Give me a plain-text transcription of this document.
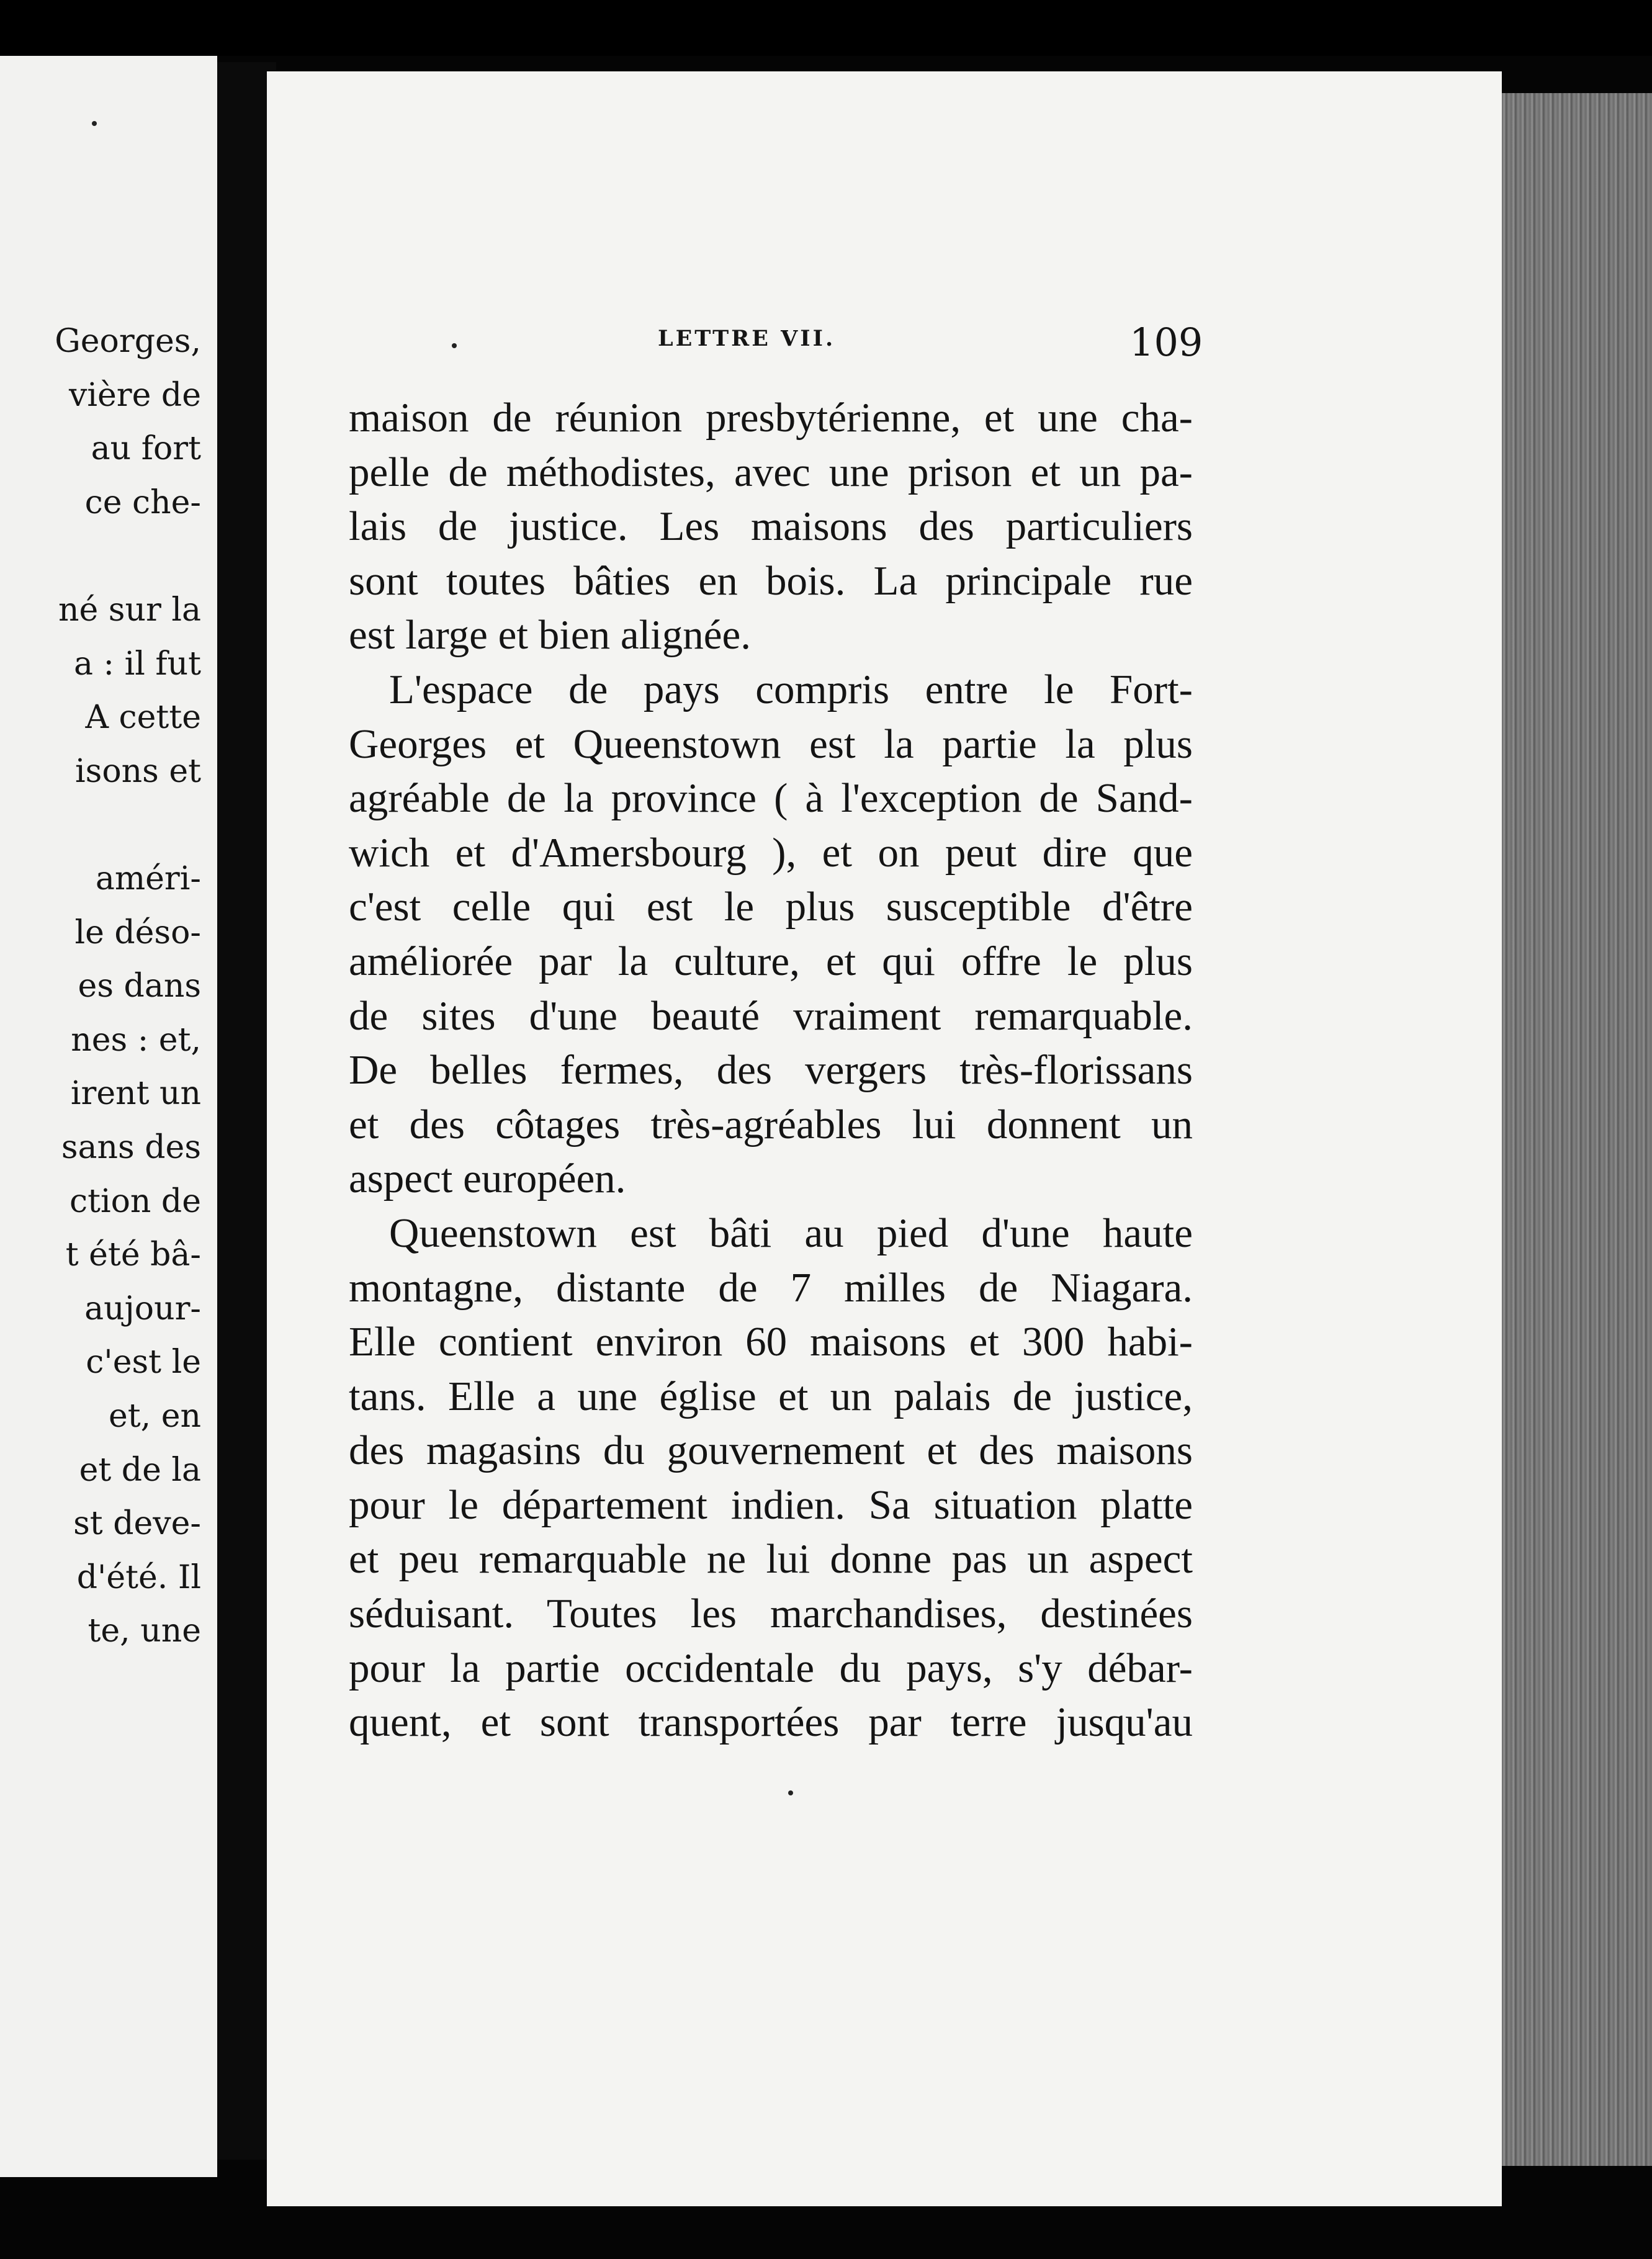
Georges,
vière de
au fort
ce che-
né sur la
a : il fut
A cette
isons et
améri-
le déso-
es dans
nes : et,
irent un
sans des
ction de
t été bâ-
aujour-
c'est le
et, en
et de la
st deve-
d'été. Il
te, une
LETTRE VII.	109
maison de réunion presbytérienne, et une cha-
pelle de méthodistes, avec une prison et un pa-
lais de justice. Les maisons des particuliers
sont toutes bâties en bois. La principale rue
est large et bien alignée.
L'espace de pays compris entre le Fort-
Georges et Queenstown est la partie la plus
agréable de la province ( à l'exception de Sand-
wich et d'Amersbourg ), et on peut dire que
c'est celle qui est le plus susceptible d'être
améliorée par la culture, et qui offre le plus
de sites d'une beauté vraiment remarquable.
De belles fermes, des vergers très-florissans
et des côtages très-agréables lui donnent un
aspect européen.
Queenstown est bâti au pied d'une haute
montagne, distante de 7 milles de Niagara.
Elle contient environ 60 maisons et 300 habi-
tans. Elle a une église et un palais de justice,
des magasins du gouvernement et des maisons
pour le département indien. Sa situation platte
et peu remarquable ne lui donne pas un aspect
séduisant. Toutes les marchandises, destinées
pour la partie occidentale du pays, s'y débar-
quent, et sont transportées par terre jusqu'au
